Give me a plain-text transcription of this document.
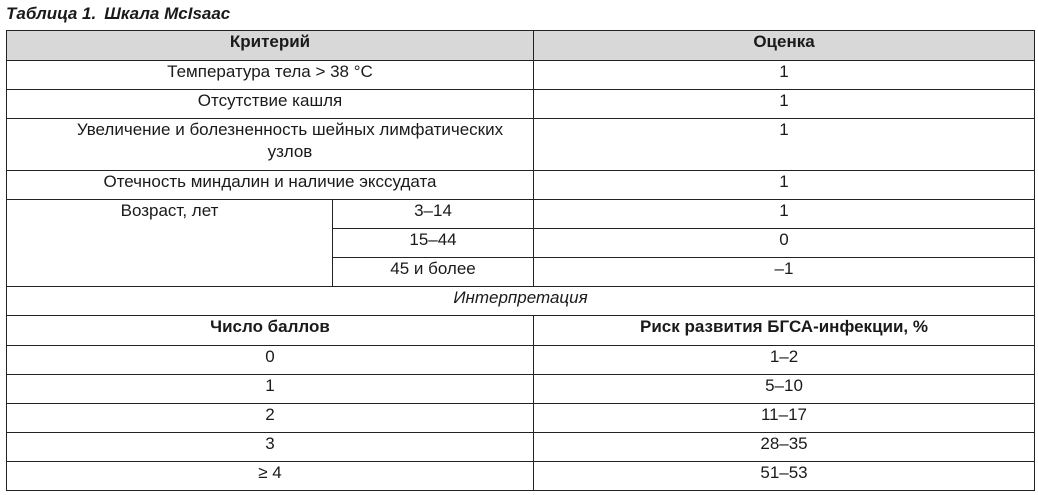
Таблица 1. Шкала McIsaac
Критерий		Оценка
Температура тела > 38 °C		1
Отсутствие кашля		1

Увеличение и болезненность шейных лимфатических узлов		1
Отечность миндалин и наличие экссудата		1
Возраст, лет	3–14	1
	15–44	0
	45 и более	–1
Интерпретация		
Число баллов		Риск развития БГСА-инфекции, %
0		1–2
1		5–10
2		11–17
3		28–35
≥ 4		51–53
